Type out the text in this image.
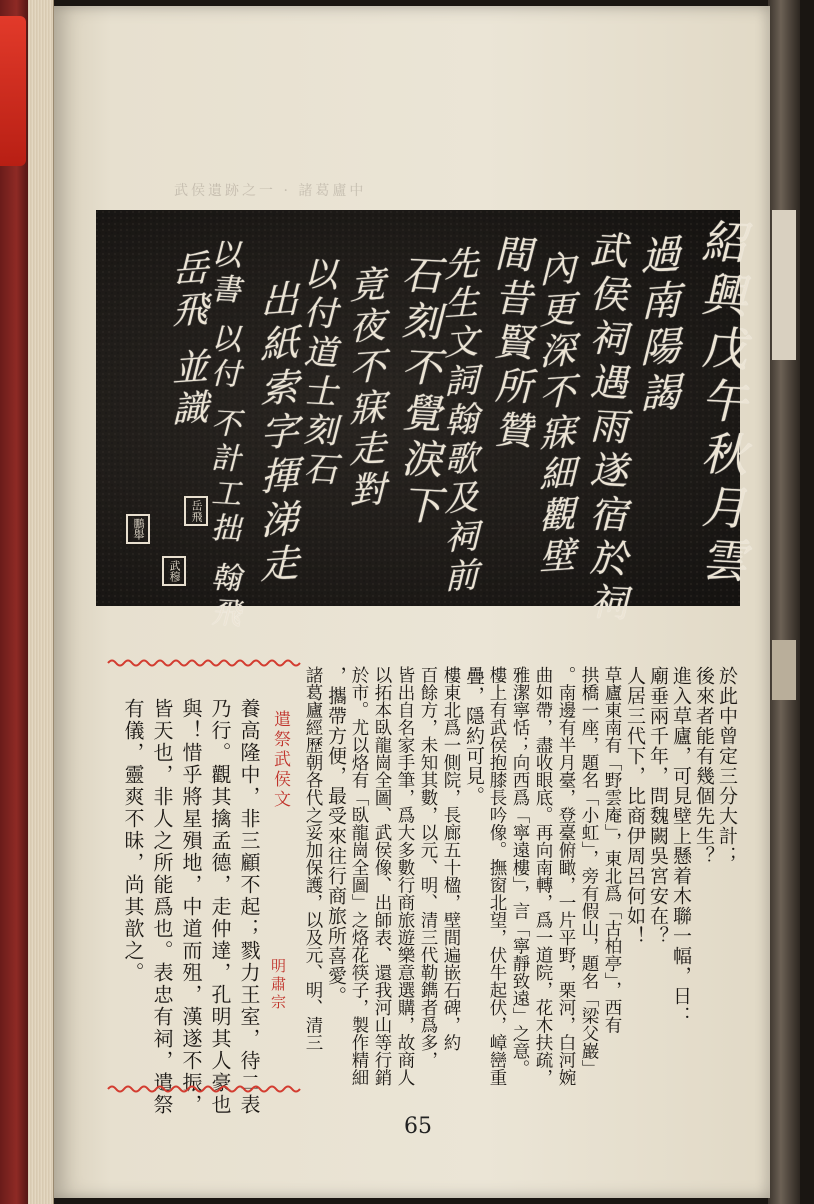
武侯遺跡之一 · 諸葛廬中
紹興戊午秋月雲
過南陽謁
武侯祠遇雨遂宿於祠
內更深不寐細觀壁
間昔賢所贊
先生文詞翰歌及祠前
石刻不覺淚下
竟夜不寐走對
以付道士刻石
出紙索字揮涕走
以書 以付 不計工拙 翰飛
岳飛 並識
岳飛
鵬舉
武穆
遣祭武侯文
明肅宗
養高隆中，非三顧不起；戮力王室，待二表
乃行。觀其擒孟德，走仲達，孔明其人豪也
與！惜乎將星殞地，中道而殂，漢遂不振，
皆天也，非人之所能爲也。表忠有祠，遣祭
有儀，靈爽不昧，尚其歆之。	於此中曾定三分大計；
後來者能有幾個先生？
進入草廬，可見壁上懸着木聯一幅，日：
廟垂兩千年，問魏闕吳宮安在？
人居三代下，比商伊周呂何如！
草廬東南有「野雲庵」，東北爲「古柏亭」，西有
拱橋一座，題名「小虹」，旁有假山，題名「梁父巖」
。南邊有半月臺，登臺俯瞰，一片平野，栗河，白河婉
曲如帶，盡收眼底。再向南轉，爲一道院，花木扶疏，
雅潔寧恬；向西爲「寧遠樓」，言「寧靜致遠」之意。
樓上有武侯抱膝長吟像。撫窗北望，伏牛起伏，嶂巒重
疊，隱約可見。
樓東北爲一側院，長廊五十楹，壁間遍嵌石碑，約
百餘方，未知其數，以元、明、清三代勒鐫者爲多，
皆出自名家手筆，爲大多數行商旅遊樂意選購，故商人
以拓本臥龍崗全圖、武侯像、出師表、還我河山等行銷
於市。尤以烙有「臥龍崗全圖」之烙花筷子，製作精細
，攜帶方便，最受來往行商旅所喜愛。
諸葛廬經歷朝各代之妥加保護，以及元、明、清三
65
